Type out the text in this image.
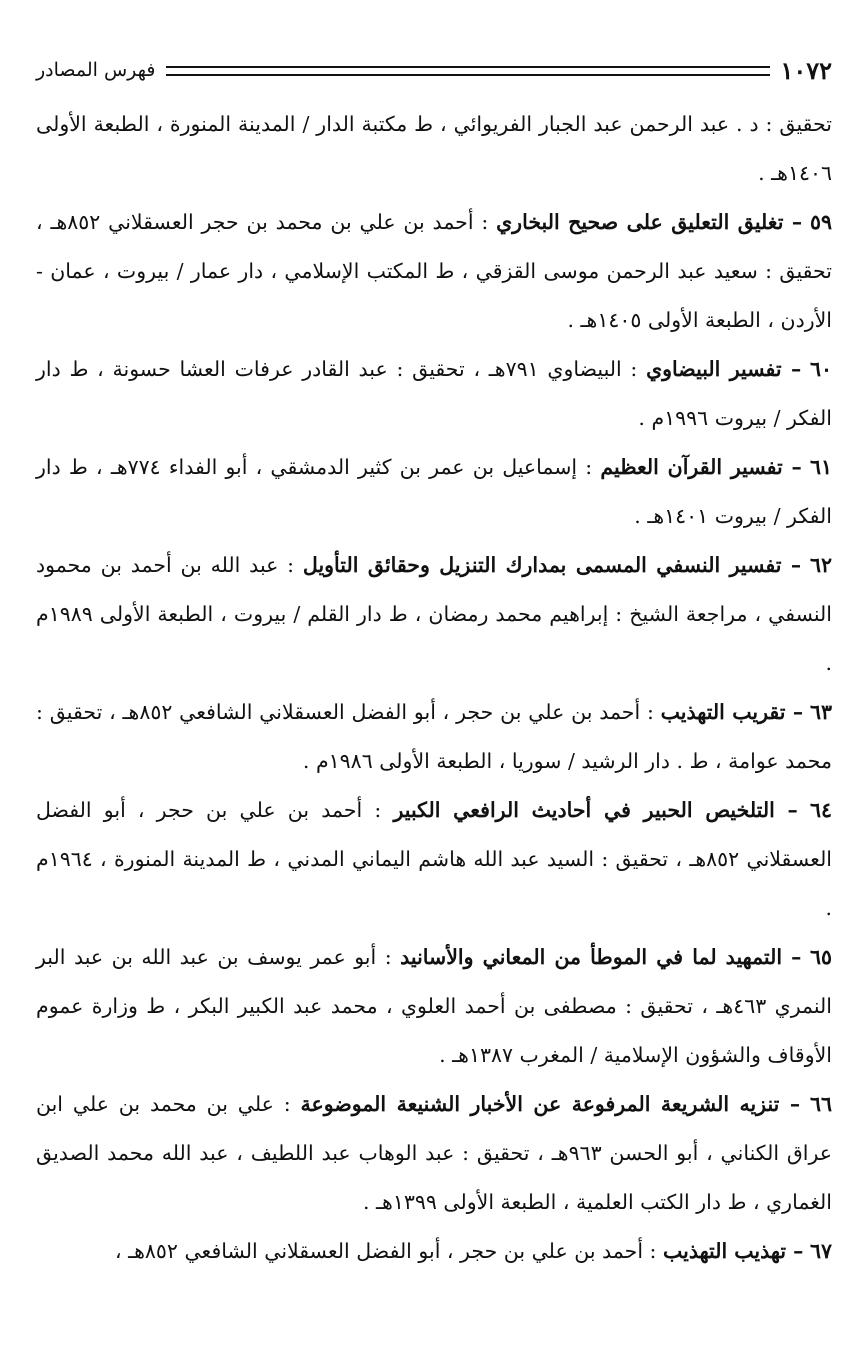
١٠٧٢
فهرس المصادر

تحقيق : د . عبد الرحمن عبد الجبار الفريوائي ، ط مكتبة الدار / المدينة المنورة ، الطبعة الأولى ١٤٠٦هـ .

٥٩ – تغليق التعليق على صحيح البخاري : أحمد بن علي بن محمد بن حجر العسقلاني ٨٥٢هـ ، تحقيق : سعيد عبد الرحمن موسى القزقي ، ط المكتب الإسلامي ، دار عمار / بيروت ، عمان - الأردن ، الطبعة الأولى ١٤٠٥هـ .

٦٠ – تفسير البيضاوي : البيضاوي ٧٩١هـ ، تحقيق : عبد القادر عرفات العشا حسونة ، ط دار الفكر / بيروت ١٩٩٦م .

٦١ – تفسير القرآن العظيم : إسماعيل بن عمر بن كثير الدمشقي ، أبو الفداء ٧٧٤هـ ، ط دار الفكر / بيروت ١٤٠١هـ .

٦٢ – تفسير النسفي المسمى بمدارك التنزيل وحقائق التأويل : عبد الله بن أحمد بن محمود النسفي ، مراجعة الشيخ : إبراهيم محمد رمضان ، ط دار القلم / بيروت ، الطبعة الأولى ١٩٨٩م .

٦٣ – تقريب التهذيب : أحمد بن علي بن حجر ، أبو الفضل العسقلاني الشافعي ٨٥٢هـ ، تحقيق : محمد عوامة ، ط . دار الرشيد / سوريا ، الطبعة الأولى ١٩٨٦م .

٦٤ – التلخيص الحبير في أحاديث الرافعي الكبير : أحمد بن علي بن حجر ، أبو الفضل العسقلاني ٨٥٢هـ ، تحقيق : السيد عبد الله هاشم اليماني المدني ، ط المدينة المنورة ، ١٩٦٤م .

٦٥ – التمهيد لما في الموطأ من المعاني والأسانيد : أبو عمر يوسف بن عبد الله بن عبد البر النمري ٤٦٣هـ ، تحقيق : مصطفى بن أحمد العلوي ، محمد عبد الكبير البكر ، ط وزارة عموم الأوقاف والشؤون الإسلامية / المغرب ١٣٨٧هـ .

٦٦ – تنزيه الشريعة المرفوعة عن الأخبار الشنيعة الموضوعة : علي بن محمد بن علي ابن عراق الكناني ، أبو الحسن ٩٦٣هـ ، تحقيق : عبد الوهاب عبد اللطيف ، عبد الله محمد الصديق الغماري ، ط دار الكتب العلمية ، الطبعة الأولى ١٣٩٩هـ .

٦٧ – تهذيب التهذيب : أحمد بن علي بن حجر ، أبو الفضل العسقلاني الشافعي ٨٥٢هـ ،
